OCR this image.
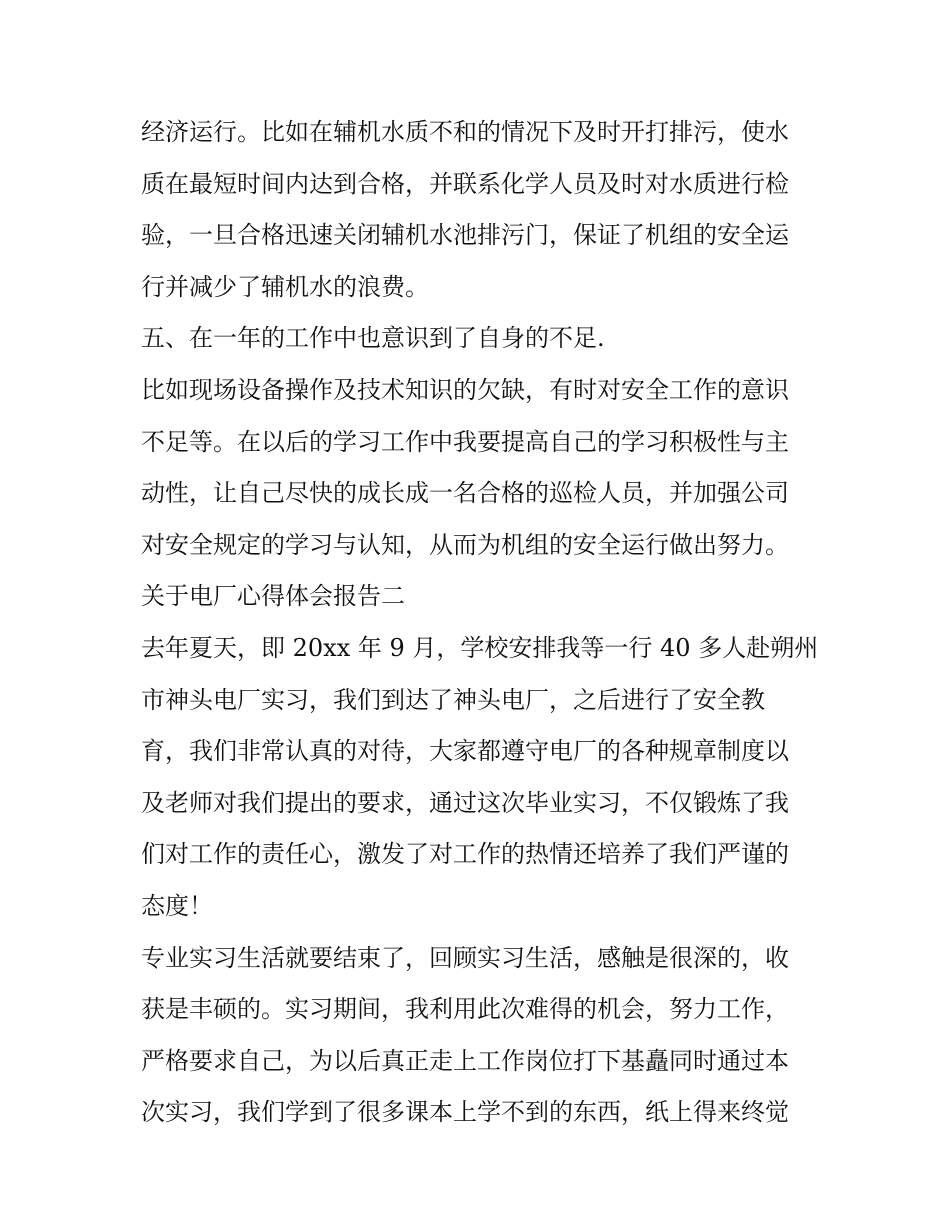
经济运行。比如在辅机水质不和的情况下及时开打排污，使水
质在最短时间内达到合格，并联系化学人员及时对水质进行检
验，一旦合格迅速关闭辅机水池排污门，保证了机组的安全运
行并减少了辅机水的浪费。
五、在一年的工作中也意识到了自身的不足.
比如现场设备操作及技术知识的欠缺，有时对安全工作的意识
不足等。在以后的学习工作中我要提高自己的学习积极性与主
动性，让自己尽快的成长成一名合格的巡检人员，并加强公司
对安全规定的学习与认知，从而为机组的安全运行做出努力。
关于电厂心得体会报告二
去年夏天，即 20xx 年 9 月，学校安排我等一行 40 多人赴朔州
市神头电厂实习，我们到达了神头电厂，之后进行了安全教
育，我们非常认真的对待，大家都遵守电厂的各种规章制度以
及老师对我们提出的要求，通过这次毕业实习，不仅锻炼了我
们对工作的责任心，激发了对工作的热情还培养了我们严谨的
态度！
专业实习生活就要结束了，回顾实习生活，感触是很深的，收
获是丰硕的。实习期间，我利用此次难得的机会，努力工作，
严格要求自己，为以后真正走上工作岗位打下基矗同时通过本
次实习，我们学到了很多课本上学不到的东西，纸上得来终觉
